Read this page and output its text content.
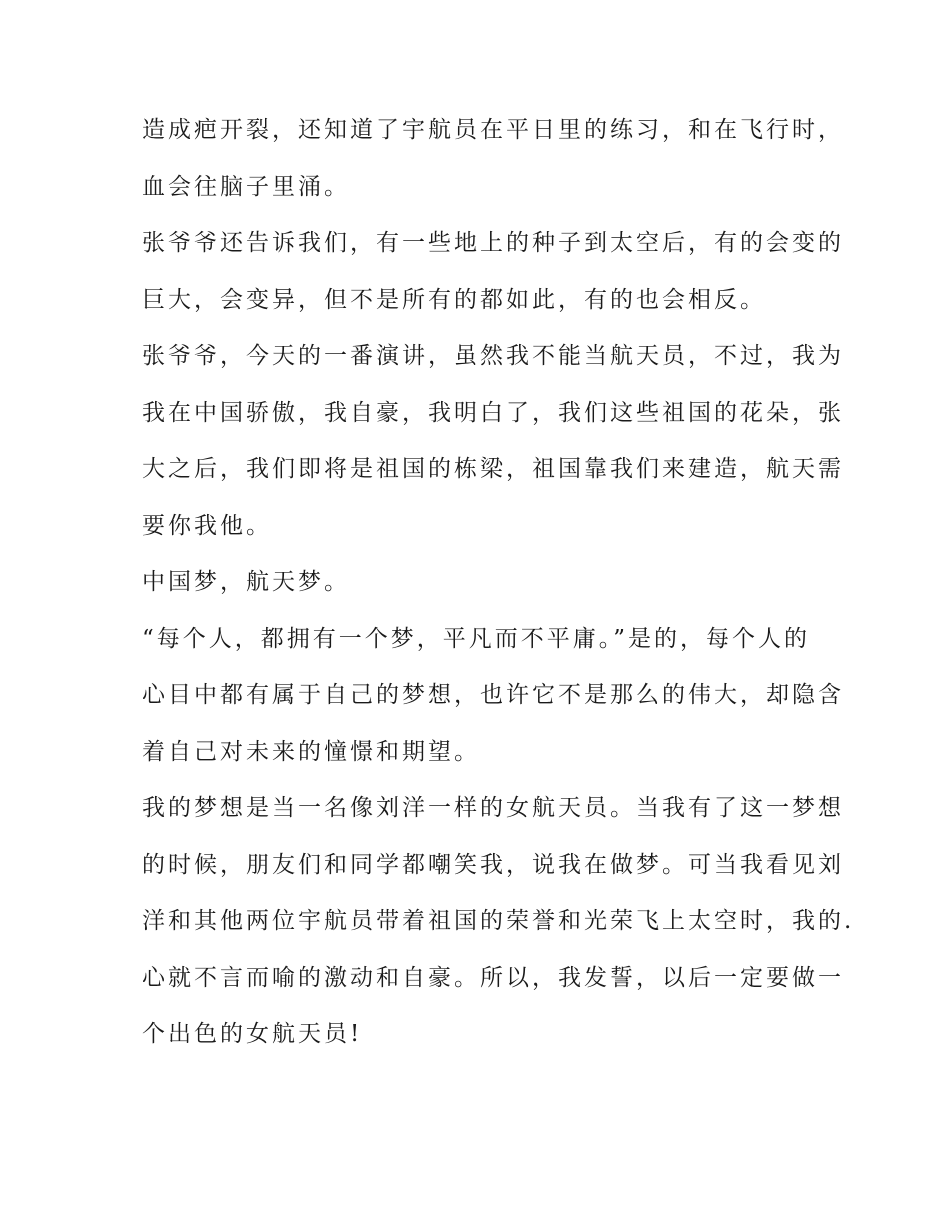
造成疤开裂，还知道了宇航员在平日里的练习，和在飞行时，
血会往脑子里涌。
张爷爷还告诉我们，有一些地上的种子到太空后，有的会变的
巨大，会变异，但不是所有的都如此，有的也会相反。
张爷爷，今天的一番演讲，虽然我不能当航天员，不过，我为
我在中国骄傲，我自豪，我明白了，我们这些祖国的花朵，张
大之后，我们即将是祖国的栋梁，祖国靠我们来建造，航天需
要你我他。
中国梦，航天梦。
“每个人，都拥有一个梦，平凡而不平庸。”是的，每个人的
心目中都有属于自己的梦想，也许它不是那么的伟大，却隐含
着自己对未来的憧憬和期望。
我的梦想是当一名像刘洋一样的女航天员。当我有了这一梦想
的时候，朋友们和同学都嘲笑我，说我在做梦。可当我看见刘
洋和其他两位宇航员带着祖国的荣誉和光荣飞上太空时，我的.
心就不言而喻的激动和自豪。所以，我发誓，以后一定要做一
个出色的女航天员!
